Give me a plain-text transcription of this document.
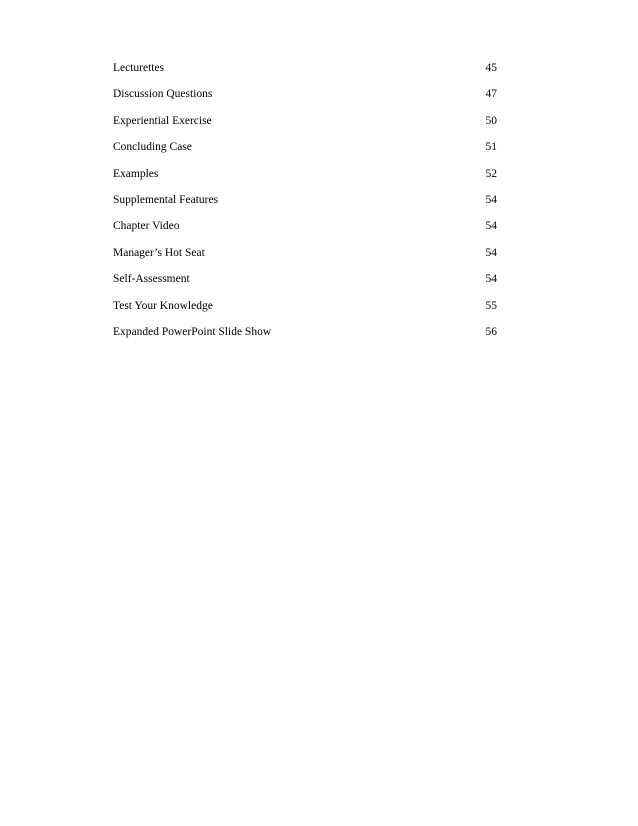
Lecturettes	45
Discussion Questions	47
Experiential Exercise	50
Concluding Case	51
Examples	52
Supplemental Features	54
Chapter Video	54
Manager’s Hot Seat	54
Self-Assessment	54
Test Your Knowledge	55
Expanded PowerPoint Slide Show	56
